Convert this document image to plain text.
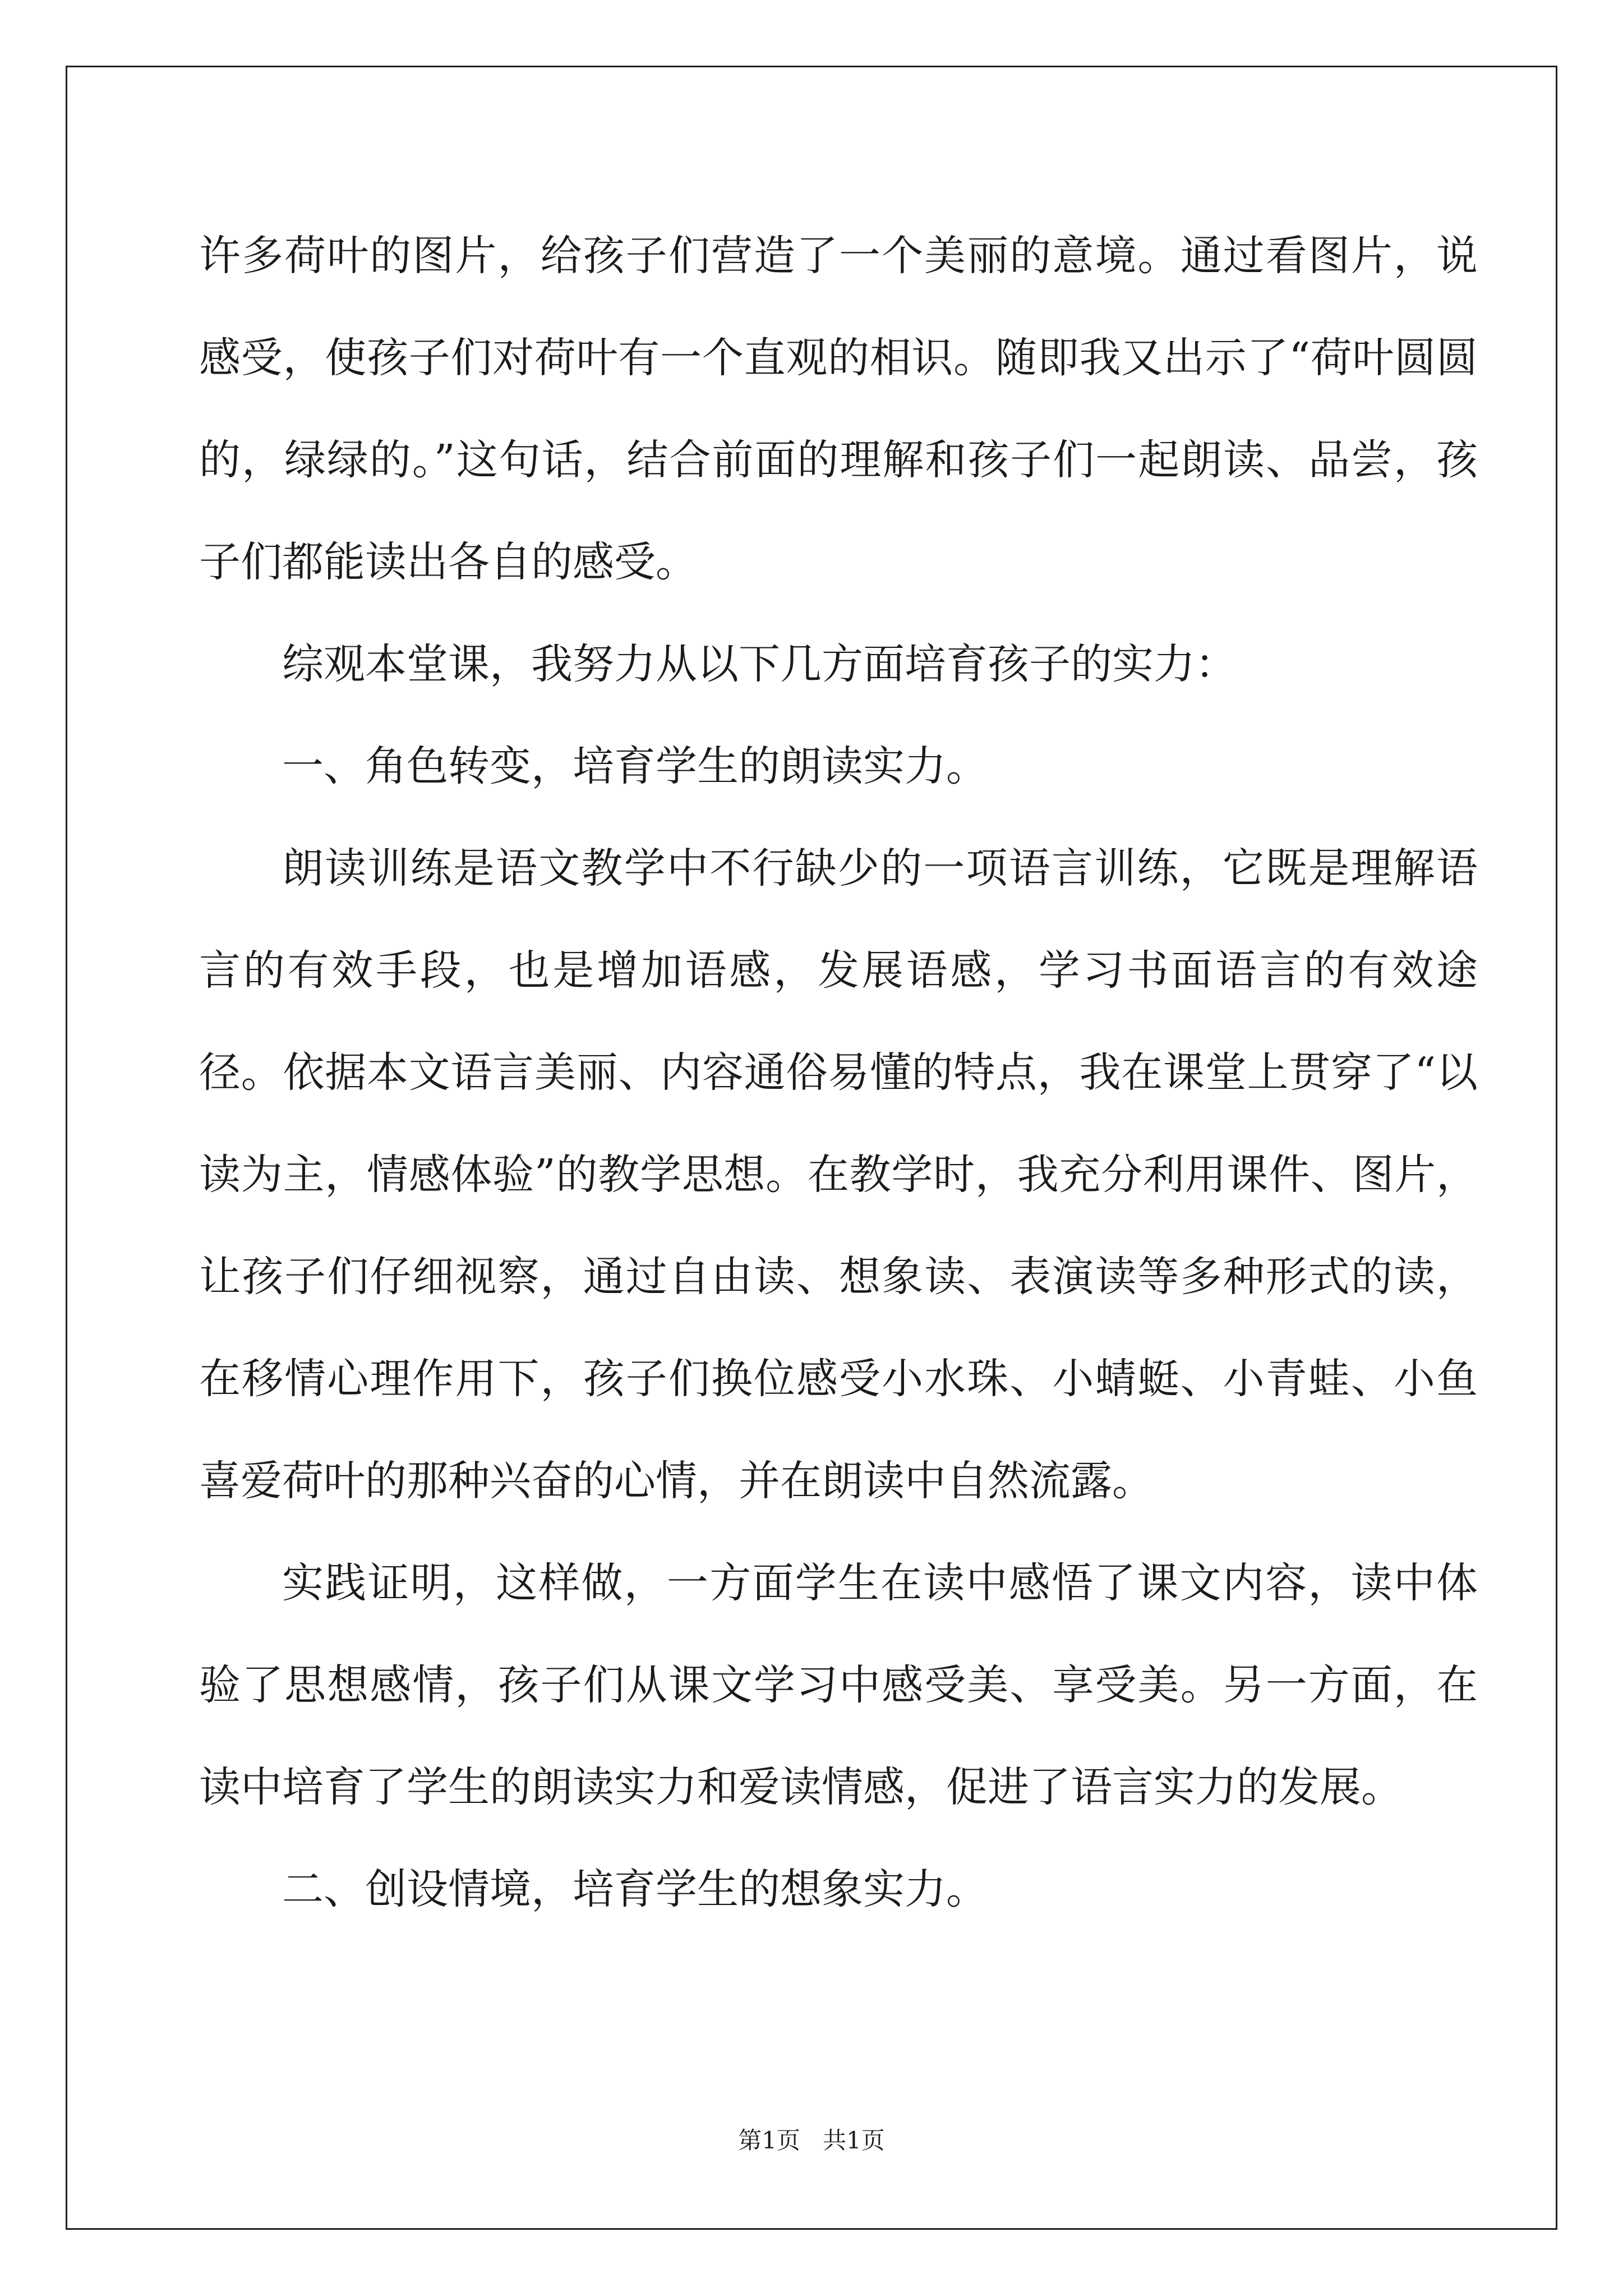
许多荷叶的图片，给孩子们营造了一个美丽的意境。通过看图片，说感受，使孩子们对荷叶有一个直观的相识。随即我又出示了“荷叶圆圆的，绿绿的。”这句话，结合前面的理解和孩子们一起朗读、品尝，孩子们都能读出各自的感受。

综观本堂课，我努力从以下几方面培育孩子的实力：

一、角色转变，培育学生的朗读实力。

朗读训练是语文教学中不行缺少的一项语言训练，它既是理解语言的有效手段，也是增加语感，发展语感，学习书面语言的有效途径。依据本文语言美丽、内容通俗易懂的特点，我在课堂上贯穿了“以读为主，情感体验”的教学思想。在教学时，我充分利用课件、图片，让孩子们仔细视察，通过自由读、想象读、表演读等多种形式的读，在移情心理作用下，孩子们换位感受小水珠、小蜻蜓、小青蛙、小鱼喜爱荷叶的那种兴奋的心情，并在朗读中自然流露。

实践证明，这样做，一方面学生在读中感悟了课文内容，读中体验了思想感情，孩子们从课文学习中感受美、享受美。另一方面，在读中培育了学生的朗读实力和爱读情感，促进了语言实力的发展。

二、创设情境，培育学生的想象实力。

第1页 共1页
